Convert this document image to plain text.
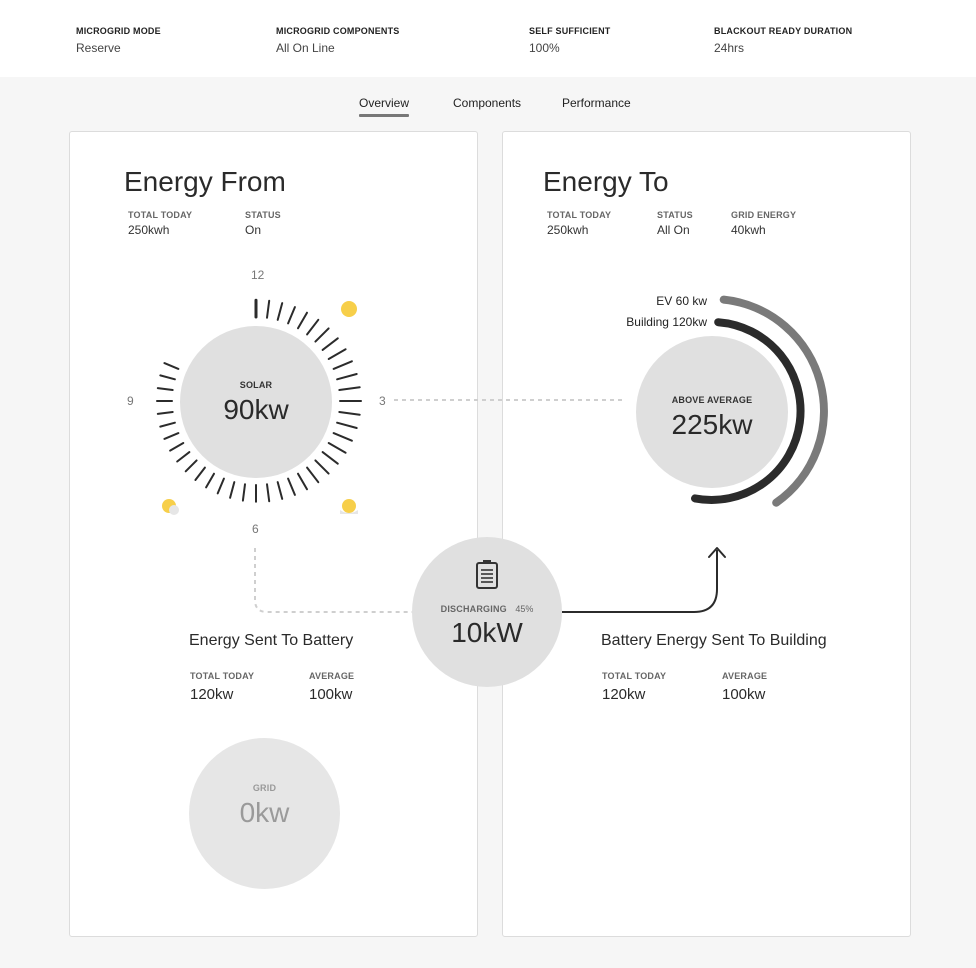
MICROGRID MODE
Reserve
MICROGRID COMPONENTS
All On Line
SELF SUFFICIENT
100%
BLACKOUT READY DURATION
24hrs
Overview	Components	Performance
Energy From
TOTAL TODAY
250kwh
STATUS
On
Energy To
TOTAL TODAY
250kwh
STATUS
All On
GRID ENERGY
40kwh
12
3
6
9
SOLAR
90kw	ABOVE AVERAGE
225kw
EV 60 kw
Building 120kw
DISCHARGING 45%
10kW
Energy Sent To Battery
TOTAL TODAY
120kw
AVERAGE
100kw
Battery Energy Sent To Building
TOTAL TODAY
120kw
AVERAGE
100kw
GRID
0kw
